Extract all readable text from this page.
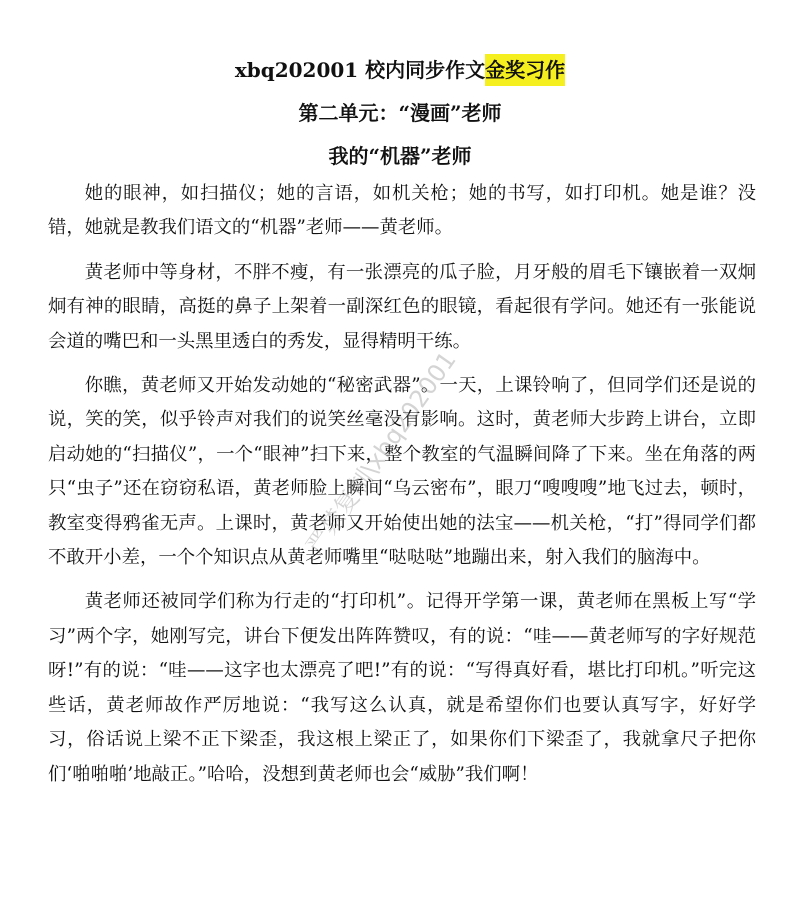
xbq202001 校内同步作文金奖习作
第二单元：“漫画”老师
我的“机器”老师

她的眼神，如扫描仪；她的言语，如机关枪；她的书写，如打印机。她是谁？没错，她就是教我们语文的“机器”老师——黄老师。

黄老师中等身材，不胖不瘦，有一张漂亮的瓜子脸，月牙般的眉毛下镶嵌着一双炯炯有神的眼睛，高挺的鼻子上架着一副深红色的眼镜，看起很有学问。她还有一张能说会道的嘴巴和一头黑里透白的秀发，显得精明干练。

你瞧，黄老师又开始发动她的“秘密武器”。一天，上课铃响了，但同学们还是说的说，笑的笑，似乎铃声对我们的说笑丝毫没有影响。这时，黄老师大步跨上讲台，立即启动她的“扫描仪”，一个“眼神”扫下来，整个教室的气温瞬间降了下来。坐在角落的两只“虫子”还在窃窃私语，黄老师脸上瞬间“乌云密布”，眼刀“嗖嗖嗖”地飞过去，顿时，教室变得鸦雀无声。上课时，黄老师又开始使出她的法宝——机关枪，“打”得同学们都不敢开小差，一个个知识点从黄老师嘴里“哒哒哒”地蹦出来，射入我们的脑海中。

黄老师还被同学们称为行走的“打印机”。记得开学第一课，黄老师在黑板上写“学习”两个字，她刚写完，讲台下便发出阵阵赞叹，有的说：“哇——黄老师写的字好规范呀!”有的说：“哇——这字也太漂亮了吧!”有的说：“写得真好看，堪比打印机。”听完这些话，黄老师故作严厉地说：“我写这么认真，就是希望你们也要认真写字，好好学习，俗话说上梁不正下梁歪，我这根上梁正了，如果你们下梁歪了，我就拿尺子把你们‘啪啪啪’地敲正。”哈哈，没想到黄老师也会“威胁”我们啊！

严禁复制\xbq202001
